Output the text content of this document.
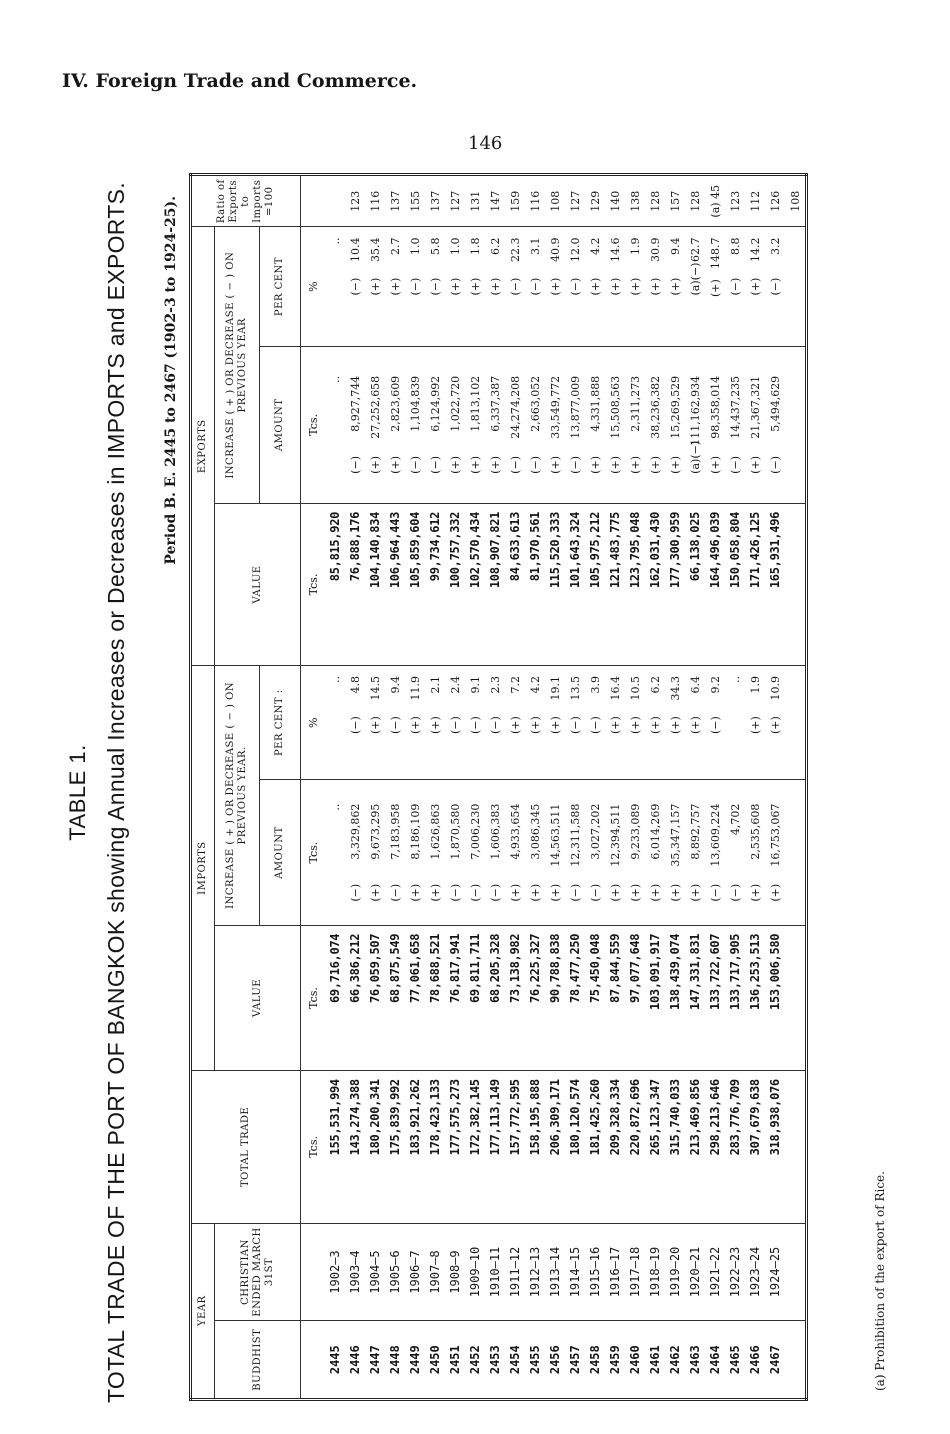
IV. Foreign Trade and Commerce.
146
TABLE 1. TOTAL TRADE OF THE PORT OF BANGKOK showing Annual Increases or Decreases in IMPORTS and EXPORTS. Period B. E. 2445 to 2467 (1902-3 to 1924-25).
YEAR		TOTAL TRADE	IMPORTS			EXPORTS			Ratio of Exports to Imports =100
BUDDHIST	CHRISTIAN ENDED MARCH 31ST		VALUE	INCREASE ( + ) OR DECREASE ( − ) ON PREVIOUS YEAR.		VALUE	INCREASE ( + ) OR DECREASE ( − ) ON PREVIOUS YEAR		
				AMOUNT	PER CENT :		AMOUNT	PER CENT	
		Tcs.	Tcs.	Tcs.	%	Tcs.	Tcs.	%	
2445	1902–3	155,531,994	69,716,074	..	..	85,815,920	..	..	
2446	1903–4	143,274,388	66,386,212	(−)3,329,862	(−)4.8	76,888,176	(−)8,927,744	(−)10.4	123
2447	1904–5	180,200,341	76,059,507	(+)9,673,295	(+)14.5	104,140,834	(+)27,252,658	(+)35.4	116
2448	1905–6	175,839,992	68,875,549	(−)7,183,958	(−)9.4	106,964,443	(+)2,823,609	(+)2.7	137
2449	1906–7	183,921,262	77,061,658	(+)8,186,109	(+)11.9	105,859,604	(−)1,104,839	(−)1.0	155
2450	1907–8	178,423,133	78,688,521	(+)1,626,863	(+)2.1	99,734,612	(−)6,124,992	(−)5.8	137
2451	1908–9	177,575,273	76,817,941	(−)1,870,580	(−)2.4	100,757,332	(+)1,022,720	(+)1.0	127
2452	1909–10	172,382,145	69,811,711	(−)7,006,230	(−)9.1	102,570,434	(+)1,813,102	(+)1.8	131
2453	1910–11	177,113,149	68,205,328	(−)1,606,383	(−)2.3	108,907,821	(+)6,337,387	(+)6.2	147
2454	1911–12	157,772,595	73,138,982	(+)4,933,654	(+)7.2	84,633,613	(−)24,274,208	(−)22.3	159
2455	1912–13	158,195,888	76,225,327	(+)3,086,345	(+)4.2	81,970,561	(−)2,663,052	(−)3.1	116
2456	1913–14	206,309,171	90,788,838	(+)14,563,511	(+)19.1	115,520,333	(+)33,549,772	(+)40.9	108
2457	1914–15	180,120,574	78,477,250	(−)12,311,588	(−)13.5	101,643,324	(−)13,877,009	(−)12.0	127
2458	1915–16	181,425,260	75,450,048	(−)3,027,202	(−)3.9	105,975,212	(+)4,331,888	(+)4.2	129
2459	1916–17	209,328,334	87,844,559	(+)12,394,511	(+)16.4	121,483,775	(+)15,508,563	(+)14.6	140
2460	1917–18	220,872,696	97,077,648	(+)9,233,089	(+)10.5	123,795,048	(+)2,311,273	(+)1.9	138
2461	1918–19	265,123,347	103,091,917	(+)6,014,269	(+)6.2	162,031,430	(+)38,236,382	(+)30.9	128
2462	1919–20	315,740,033	138,439,074	(+)35,347,157	(+)34.3	177,300,959	(+)15,269,529	(+)9.4	157
2463	1920–21	213,469,856	147,331,831	(+)8,892,757	(+)6.4	66,138,025	(a)(−)111,162,934	(a)(−)62.7	128
2464	1921–22	298,213,646	133,722,607	(−)13,609,224	(−)9.2	164,496,039	(+)98,358,014	(+)148.7	(a) 45
2465	1922–23	283,776,709	133,717,905	(−)4,702	..	150,058,804	(−)14,437,235	(−)8.8	123
2466	1923–24	307,679,638	136,253,513	(+)2,535,608	(+)1.9	171,426,125	(+)21,367,321	(+)14.2	112
2467	1924–25	318,938,076	153,006,580	(+)16,753,067	(+)10.9	165,931,496	(−)5,494,629	(−)3.2	126
									108
(a) Prohibition of the export of Rice.
